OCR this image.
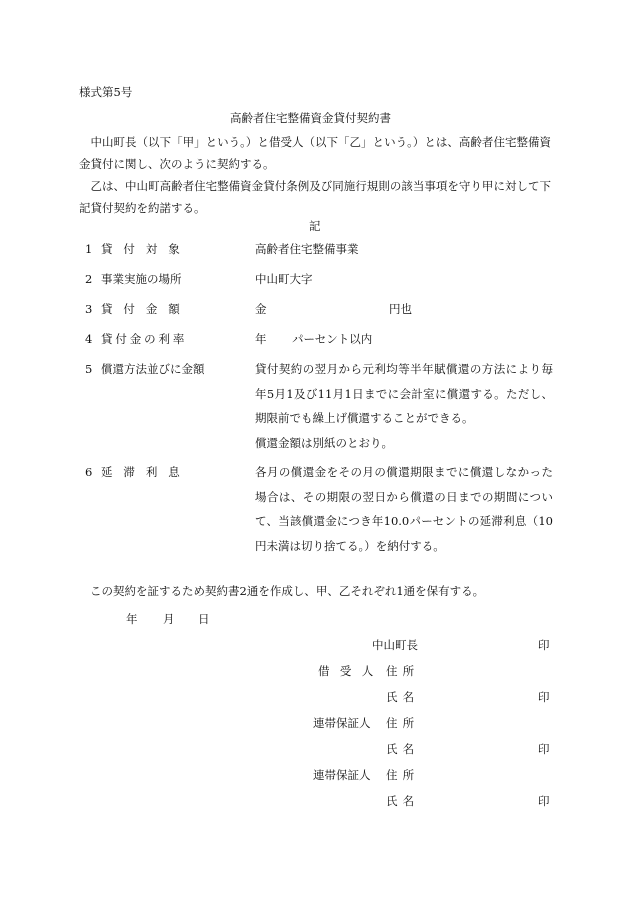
様式第5号
高齢者住宅整備資金貸付契約書
中山町長（以下「甲」という。）と借受人（以下「乙」という。）とは、高齢者住宅整備資金貸付に関し、次のように契約する。
乙は、中山町高齢者住宅整備資金貸付条例及び同施行規則の該当事項を守り甲に対して下記貸付契約を約諾する。
記
1 貸付対象	高齢者住宅整備事業
2 事業実施の場所	中山町大字
3 貸付金額	金	円也
4 貸付金の利率	年 パーセント以内
5 償還方法並びに金額	貸付契約の翌月から元利均等半年賦償還の方法により毎年5月1及び11月1日までに会計室に償還する。ただし、期限前でも繰上げ償還することができる。
償還金額は別紙のとおり。
6 延滞利息	各月の償還金をその月の償還期限までに償還しなかった場合は、その期限の翌日から償還の日までの期間について、当該償還金につき年10.0パーセントの延滞利息（10円未満は切り捨てる。）を納付する。
この契約を証するため契約書2通を作成し、甲、乙それぞれ1通を保有する。
年 月 日
中山町長	印
借受人 住所
氏名	印
連帯保証人 住所
氏名	印
連帯保証人 住所
氏名	印
